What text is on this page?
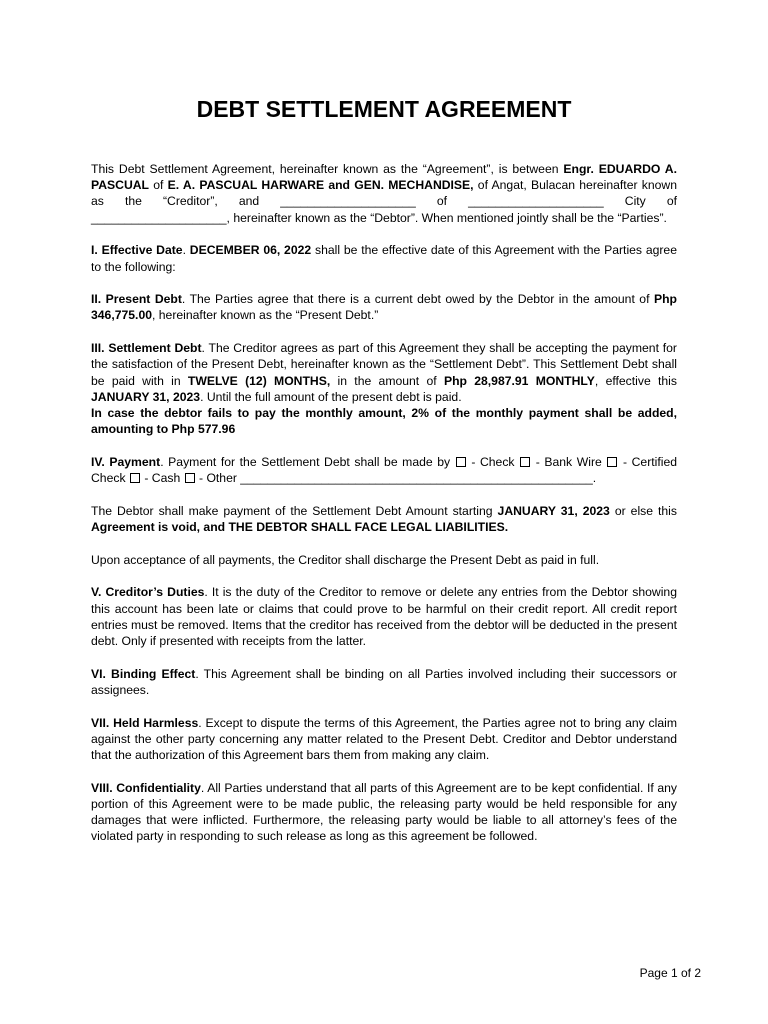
DEBT SETTLEMENT AGREEMENT

This Debt Settlement Agreement, hereinafter known as the “Agreement”, is between Engr. EDUARDO A. PASCUAL of E. A. PASCUAL HARWARE and GEN. MECHANDISE, of Angat, Bulacan hereinafter known as the “Creditor”, and ____________________ of ____________________ City of ____________________, hereinafter known as the “Debtor”. When mentioned jointly shall be the “Parties”.

I. Effective Date. DECEMBER 06, 2022 shall be the effective date of this Agreement with the Parties agree to the following:

II. Present Debt. The Parties agree that there is a current debt owed by the Debtor in the amount of Php 346,775.00, hereinafter known as the “Present Debt.”

III. Settlement Debt. The Creditor agrees as part of this Agreement they shall be accepting the payment for the satisfaction of the Present Debt, hereinafter known as the “Settlement Debt”. This Settlement Debt shall be paid with in TWELVE (12) MONTHS, in the amount of Php 28,987.91 MONTHLY, effective this JANUARY 31, 2023. Until the full amount of the present debt is paid.

In case the debtor fails to pay the monthly amount, 2% of the monthly payment shall be added, amounting to Php 577.96

IV. Payment. Payment for the Settlement Debt shall be made by  - Check  - Bank Wire  - Certified Check  - Cash  - Other ____________________________________________________.

The Debtor shall make payment of the Settlement Debt Amount starting JANUARY 31, 2023 or else this Agreement is void, and THE DEBTOR SHALL FACE LEGAL LIABILITIES.

Upon acceptance of all payments, the Creditor shall discharge the Present Debt as paid in full.

V. Creditor’s Duties. It is the duty of the Creditor to remove or delete any entries from the Debtor showing this account has been late or claims that could prove to be harmful on their credit report. All credit report entries must be removed. Items that the creditor has received from the debtor will be deducted in the present debt. Only if presented with receipts from the latter.

VI. Binding Effect. This Agreement shall be binding on all Parties involved including their successors or assignees.

VII. Held Harmless. Except to dispute the terms of this Agreement, the Parties agree not to bring any claim against the other party concerning any matter related to the Present Debt. Creditor and Debtor understand that the authorization of this Agreement bars them from making any claim.

VIII. Confidentiality. All Parties understand that all parts of this Agreement are to be kept confidential. If any portion of this Agreement were to be made public, the releasing party would be held responsible for any damages that were inflicted. Furthermore, the releasing party would be liable to all attorney’s fees of the violated party in responding to such release as long as this agreement be followed.

Page 1 of 2
